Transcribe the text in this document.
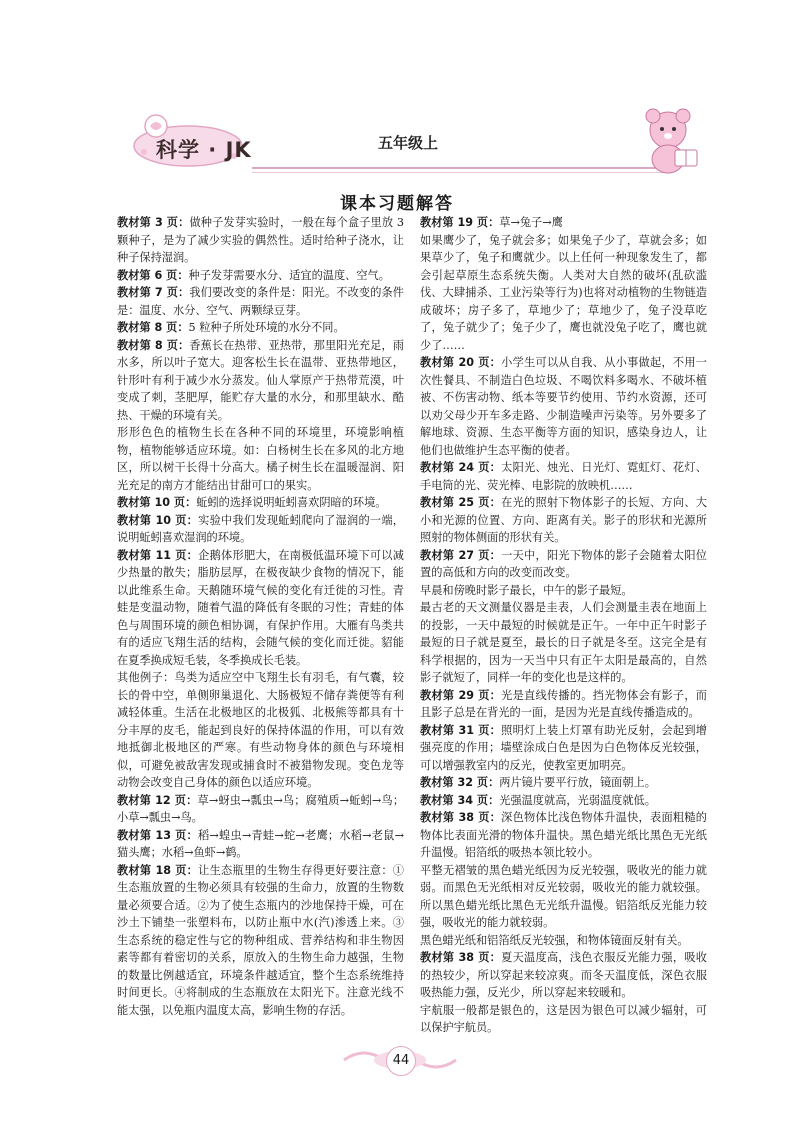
科学 · JK	五年级上
课本习题解答

教材第 3 页：做种子发芽实验时，一般在每个盒子里放 3 颗种子，是为了减少实验的偶然性。适时给种子浇水，让种子保持湿润。

教材第 6 页：种子发芽需要水分、适宜的温度、空气。

教材第 7 页：我们要改变的条件是：阳光。不改变的条件是：温度、水分、空气、两颗绿豆芽。

教材第 8 页：5 粒种子所处环境的水分不同。

教材第 8 页：香蕉长在热带、亚热带，那里阳光充足，雨水多，所以叶子宽大。迎客松生长在温带、亚热带地区，针形叶有利于减少水分蒸发。仙人掌原产于热带荒漠，叶变成了刺，茎肥厚，能贮存大量的水分，和那里缺水、酷热、干燥的环境有关。

形形色色的植物生长在各种不同的环境里，环境影响植物，植物能够适应环境。如：白杨树生长在多风的北方地区，所以树干长得十分高大。橘子树生长在温暖湿润、阳光充足的南方才能结出甘甜可口的果实。

教材第 10 页：蚯蚓的选择说明蚯蚓喜欢阴暗的环境。

教材第 10 页：实验中我们发现蚯蚓爬向了湿润的一端，说明蚯蚓喜欢湿润的环境。

教材第 11 页：企鹅体形肥大，在南极低温环境下可以减少热量的散失；脂肪层厚，在极夜缺少食物的情况下，能以此维系生命。天鹅随环境气候的变化有迁徙的习性。青蛙是变温动物，随着气温的降低有冬眠的习性；青蛙的体色与周围环境的颜色相协调，有保护作用。大雁有鸟类共有的适应飞翔生活的结构，会随气候的变化而迁徙。貂能在夏季换成短毛装，冬季换成长毛装。

其他例子：鸟类为适应空中飞翔生长有羽毛，有气囊，较长的骨中空，单侧卵巢退化、大肠极短不储存粪便等有利减轻体重。生活在北极地区的北极狐、北极熊等都具有十分丰厚的皮毛，能起到良好的保持体温的作用，可以有效地抵御北极地区的严寒。有些动物身体的颜色与环境相似，可避免被敌害发现或捕食时不被猎物发现。变色龙等动物会改变自己身体的颜色以适应环境。

教材第 12 页：草→蚜虫→瓢虫→鸟；腐殖质→蚯蚓→鸟；小草→瓢虫→鸟。

教材第 13 页：稻→蝗虫→青蛙→蛇→老鹰；水稻→老鼠→猫头鹰；水稻→鱼虾→鹤。

教材第 18 页：让生态瓶里的生物生存得更好要注意：①生态瓶放置的生物必须具有较强的生命力，放置的生物数量必须要合适。②为了使生态瓶内的沙地保持干燥，可在沙土下铺垫一张塑料布，以防止瓶中水(汽)渗透上来。③生态系统的稳定性与它的物种组成、营养结构和非生物因素等都有着密切的关系，原放入的生物生命力越强，生物的数量比例越适宜，环境条件越适宜，整个生态系统维持时间更长。④将制成的生态瓶放在太阳光下。注意光线不能太强，以免瓶内温度太高，影响生物的存活。

教材第 19 页：草→兔子→鹰

如果鹰少了，兔子就会多；如果兔子少了，草就会多；如果草少了，兔子和鹰就少。以上任何一种现象发生了，都会引起草原生态系统失衡。人类对大自然的破坏(乱砍滥伐、大肆捕杀、工业污染等行为)也将对动植物的生物链造成破坏；房子多了，草地少了；草地少了，兔子没草吃了，兔子就少了；兔子少了，鹰也就没兔子吃了，鹰也就少了……

教材第 20 页：小学生可以从自我、从小事做起，不用一次性餐具、不制造白色垃圾、不喝饮料多喝水、不破坏植被、不伤害动物、纸本等要节约使用、节约水资源，还可以劝父母少开车多走路、少制造噪声污染等。另外要多了解地球、资源、生态平衡等方面的知识，感染身边人，让他们也做维护生态平衡的使者。

教材第 24 页：太阳光、烛光、日光灯、霓虹灯、花灯、手电筒的光、荧光棒、电影院的放映机……

教材第 25 页：在光的照射下物体影子的长短、方向、大小和光源的位置、方向、距离有关。影子的形状和光源所照射的物体侧面的形状有关。

教材第 27 页：一天中，阳光下物体的影子会随着太阳位置的高低和方向的改变而改变。

早晨和傍晚时影子最长，中午的影子最短。

最古老的天文测量仪器是圭表，人们会测量圭表在地面上的投影，一天中最短的时候就是正午。一年中正午时影子最短的日子就是夏至，最长的日子就是冬至。这完全是有科学根据的，因为一天当中只有正午太阳是最高的，自然影子就短了，同样一年的变化也是这样的。

教材第 29 页：光是直线传播的。挡光物体会有影子，而且影子总是在背光的一面，是因为光是直线传播造成的。

教材第 31 页：照明灯上装上灯罩有助光反射，会起到增强亮度的作用；墙壁涂成白色是因为白色物体反光较强，可以增强教室内的反光，使教室更加明亮。

教材第 32 页：两片镜片要平行放，镜面朝上。

教材第 34 页：光强温度就高，光弱温度就低。

教材第 38 页：深色物体比浅色物体升温快，表面粗糙的物体比表面光滑的物体升温快。黑色蜡光纸比黑色无光纸升温慢。铝箔纸的吸热本领比较小。

平整无褶皱的黑色蜡光纸因为反光较强，吸收光的能力就弱。而黑色无光纸相对反光较弱，吸收光的能力就较强。所以黑色蜡光纸比黑色无光纸升温慢。铝箔纸反光能力较强，吸收光的能力就较弱。

黑色蜡光纸和铝箔纸反光较强，和物体镜面反射有关。

教材第 38 页：夏天温度高，浅色衣服反光能力强，吸收的热较少，所以穿起来较凉爽。而冬天温度低，深色衣服吸热能力强，反光少，所以穿起来较暖和。

宇航服一般都是银色的，这是因为银色可以减少辐射，可以保护宇航员。

44
